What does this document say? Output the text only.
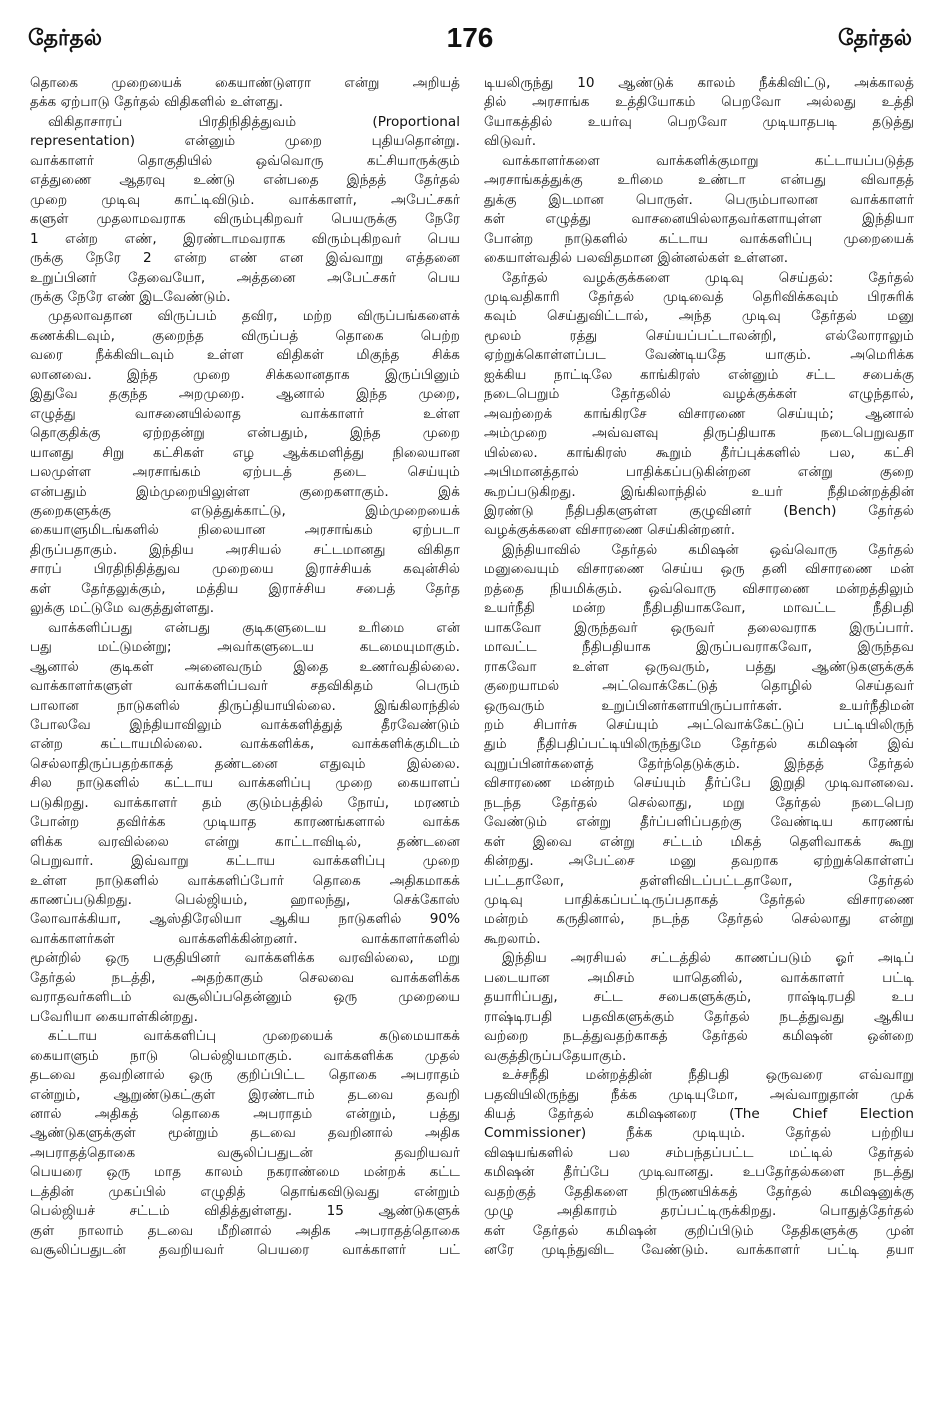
தேர்தல்	176	தேர்தல்
தொகை முறையைக் கையாண்டுளரா என்று அறியத்
தக்க ஏற்பாடு தேர்தல் விதிகளில் உள்ளது.
விகிதாசாரப் பிரதிநிதித்துவம் (Proportional
representation) என்னும் முறை புதியதொன்று.
வாக்காளர் தொகுதியில் ஒவ்வொரு கட்சியாருக்கும்
எத்துணை ஆதரவு உண்டு என்பதை இந்தத் தேர்தல்
முறை முடிவு காட்டிவிடும். வாக்காளர், அபேட்சகர்
களுள் முதலாமவராக விரும்புகிறவர் பெயருக்கு நேரே
1 என்ற எண், இரண்டாமவராக விரும்புகிறவர் பெய
ருக்கு நேரே 2 என்ற எண் என இவ்வாறு எத்தனை
உறுப்பினர் தேவையோ, அத்தனை அபேட்சகர் பெய
ருக்கு நேரே எண் இடவேண்டும்.
முதலாவதான விருப்பம் தவிர, மற்ற விருப்பங்களைக்
கணக்கிடவும், குறைந்த விருப்பத் தொகை பெற்ற
வரை நீக்கிவிடவும் உள்ள விதிகள் மிகுந்த சிக்க
லானவை. இந்த முறை சிக்கலானதாக இருப்பினும்
இதுவே தகுந்த அறமுறை. ஆனால் இந்த முறை,
எழுத்து வாசனையில்லாத வாக்காளர் உள்ள
தொகுதிக்கு ஏற்றதன்று என்பதும், இந்த முறை
யானது சிறு கட்சிகள் எழ ஆக்கமளித்து நிலையான
பலமுள்ள அரசாங்கம் ஏற்படத் தடை செய்யும்
என்பதும் இம்முறையிலுள்ள குறைகளாகும். இக்
குறைகளுக்கு எடுத்துக்காட்டு, இம்முறையைக்
கையாளுமிடங்களில் நிலையான அரசாங்கம் ஏற்படா
திருப்பதாகும். இந்திய அரசியல் சட்டமானது விகிதா
சாரப் பிரதிநிதித்துவ முறையை இராச்சியக் கவுன்சில்
கள் தேர்தலுக்கும், மத்திய இராச்சிய சபைத் தேர்த
லுக்கு மட்டுமே வகுத்துள்ளது.
வாக்களிப்பது என்பது குடிகளுடைய உரிமை என்
பது மட்டுமன்று; அவர்களுடைய கடமையுமாகும்.
ஆனால் குடிகள் அனைவரும் இதை உணர்வதில்லை.
வாக்காளர்களுள் வாக்களிப்பவர் சதவிகிதம் பெரும்
பாலான நாடுகளில் திருப்தியாயில்லை. இங்கிலாந்தில்
போலவே இந்தியாவிலும் வாக்களித்துத் தீரவேண்டும்
என்ற கட்டாயமில்லை. வாக்களிக்க, வாக்களிக்குமிடம்
செல்லாதிருப்பதற்காகத் தண்டனை எதுவும் இல்லை.
சில நாடுகளில் கட்டாய வாக்களிப்பு முறை கையாளப்
படுகிறது. வாக்காளர் தம் குடும்பத்தில் நோய், மரணம்
போன்ற தவிர்க்க முடியாத காரணங்களால் வாக்க
ளிக்க வரவில்லை என்று காட்டாவிடில், தண்டனை
பெறுவார். இவ்வாறு கட்டாய வாக்களிப்பு முறை
உள்ள நாடுகளில் வாக்களிப்போர் தொகை அதிகமாகக்
காணப்படுகிறது. பெல்ஜியம், ஹாலந்து, செக்கோஸ்
லோவாக்கியா, ஆஸ்திரேலியா ஆகிய நாடுகளில் 90%
வாக்காளர்கள் வாக்களிக்கின்றனர். வாக்காளர்களில்
மூன்றில் ஒரு பகுதியினர் வாக்களிக்க வரவில்லை, மறு
தேர்தல் நடத்தி, அதற்காகும் செலவை வாக்களிக்க
வராதவர்களிடம் வசூலிப்பதென்னும் ஒரு முறையை
பவேரியா கையாள்கின்றது.
கட்டாய வாக்களிப்பு முறையைக் கடுமையாகக்
கையாளும் நாடு பெல்ஜியமாகும். வாக்களிக்க முதல்
தடவை தவறினால் ஒரு குறிப்பிட்ட தொகை அபராதம்
என்றும், ஆறுண்டுகட்குள் இரண்டாம் தடவை தவறி
னால் அதிகத் தொகை அபராதம் என்றும், பத்து
ஆண்டுகளுக்குள் மூன்றும் தடவை தவறினால் அதிக
அபராதத்தொகை வசூலிப்பதுடன் தவறியவர்
பெயரை ஒரு மாத காலம் நகராண்மை மன்றக் கட்ட
டத்தின் முகப்பில் எழுதித் தொங்கவிடுவது என்றும்
பெல்ஜியச் சட்டம் விதித்துள்ளது. 15 ஆண்டுகளுக்
குள் நாலாம் தடவை மீறினால் அதிக அபராதத்தொகை
வசூலிப்பதுடன் தவறியவர் பெயரை வாக்காளர் பட்
டியலிருந்து 10 ஆண்டுக் காலம் நீக்கிவிட்டு, அக்காலத்
தில் அரசாங்க உத்தியோகம் பெறவோ அல்லது உத்தி
யோகத்தில் உயர்வு பெறவோ முடியாதபடி தடுத்து
விடுவர்.
வாக்காளர்களை வாக்களிக்குமாறு கட்டாயப்படுத்த
அரசாங்கத்துக்கு உரிமை உண்டா என்பது விவாதத்
துக்கு இடமான பொருள். பெரும்பாலான வாக்காளர்
கள் எழுத்து வாசனையில்லாதவர்களாயுள்ள இந்தியா
போன்ற நாடுகளில் கட்டாய வாக்களிப்பு முறையைக்
கையாள்வதில் பலவிதமான இன்னல்கள் உள்ளன.
தேர்தல் வழக்குக்களை முடிவு செய்தல்: தேர்தல்
முடிவதிகாரி தேர்தல் முடிவைத் தெரிவிக்கவும் பிரசுரிக்
கவும் செய்துவிட்டால், அந்த முடிவு தேர்தல் மனு
மூலம் ரத்து செய்யப்பட்டாலன்றி, எல்லோராலும்
ஏற்றுக்கொள்ளப்பட வேண்டியதே யாகும். அமெரிக்க
ஐக்கிய நாட்டிலே காங்கிரஸ் என்னும் சட்ட சபைக்கு
நடைபெறும் தேர்தலில் வழக்குக்கள் எழுந்தால்,
அவற்றைக் காங்கிரசே விசாரணை செய்யும்; ஆனால்
அம்முறை அவ்வளவு திருப்தியாக நடைபெறுவதா
யில்லை. காங்கிரஸ் கூறும் தீர்ப்புக்களில் பல, கட்சி
அபிமானத்தால் பாதிக்கப்படுகின்றன என்று குறை
கூறப்படுகிறது. இங்கிலாந்தில் உயர் நீதிமன்றத்தின்
இரண்டு நீதிபதிகளுள்ள குழுவினர் (Bench) தேர்தல்
வழக்குக்களை விசாரணை செய்கின்றனர்.
இந்தியாவில் தேர்தல் கமிஷன் ஒவ்வொரு தேர்தல்
மனுவையும் விசாரணை செய்ய ஒரு தனி விசாரணை மன்
றத்தை நியமிக்கும். ஒவ்வொரு விசாரணை மன்றத்திலும்
உயர்நீதி மன்ற நீதிபதியாகவோ, மாவட்ட நீதிபதி
யாகவோ இருந்தவர் ஒருவர் தலைவராக இருப்பார்.
மாவட்ட நீதிபதியாக இருப்பவராகவோ, இருந்தவ
ராகவோ உள்ள ஒருவரும், பத்து ஆண்டுகளுக்குக்
குறையாமல் அட்வொக்கேட்டுத் தொழில் செய்தவர்
ஒருவரும் உறுப்பினர்களாயிருப்பார்கள். உயர்நீதிமன்
றம் சிபார்சு செய்யும் அட்வொக்கேட்டுப் பட்டியிலிருந்
தும் நீதிபதிப்பட்டியிலிருந்துமே தேர்தல் கமிஷன் இவ்
வுறுப்பினர்களைத் தேர்ந்தெடுக்கும். இந்தத் தேர்தல்
விசாரணை மன்றம் செய்யும் தீர்ப்பே இறுதி முடிவானவை.
நடந்த தேர்தல் செல்லாது, மறு தேர்தல் நடைபெற
வேண்டும் என்று தீர்ப்பளிப்பதற்கு வேண்டிய காரணங்
கள் இவை என்று சட்டம் மிகத் தெளிவாகக் கூறு
கின்றது. அபேட்சை மனு தவறாக ஏற்றுக்கொள்ளப்
பட்டதாலோ, தள்ளிவிடப்பட்டதாலோ, தேர்தல்
முடிவு பாதிக்கப்பட்டிருப்பதாகத் தேர்தல் விசாரணை
மன்றம் கருதினால், நடந்த தேர்தல் செல்லாது என்று
கூறலாம்.
இந்திய அரசியல் சட்டத்தில் காணப்படும் ஓர் அடிப்
படையான அமிசம் யாதெனில், வாக்காளர் பட்டி
தயாரிப்பது, சட்ட சபைகளுக்கும், ராஷ்டிரபதி உப
ராஷ்டிரபதி பதவிகளுக்கும் தேர்தல் நடத்துவது ஆகிய
வற்றை நடத்துவதற்காகத் தேர்தல் கமிஷன் ஒன்றை
வகுத்திருப்பதேயாகும்.
உச்சநீதி மன்றத்தின் நீதிபதி ஒருவரை எவ்வாறு
பதவியிலிருந்து நீக்க முடியுமோ, அவ்வாறுதான் முக்
கியத் தேர்தல் கமிஷனரை (The Chief Election
Commissioner) நீக்க முடியும். தேர்தல் பற்றிய
விஷயங்களில் பல சம்பந்தப்பட்ட மட்டில் தேர்தல்
கமிஷன் தீர்ப்பே முடிவானது. உபதேர்தல்களை நடத்து
வதற்குத் தேதிகளை நிருணயிக்கத் தேர்தல் கமிஷனுக்கு
முழு அதிகாரம் தரப்பட்டிருக்கிறது. பொதுத்தேர்தல்
கள் தேர்தல் கமிஷன் குறிப்பிடும் தேதிகளுக்கு முன்
னரே முடிந்துவிட வேண்டும். வாக்காளர் பட்டி தயா
